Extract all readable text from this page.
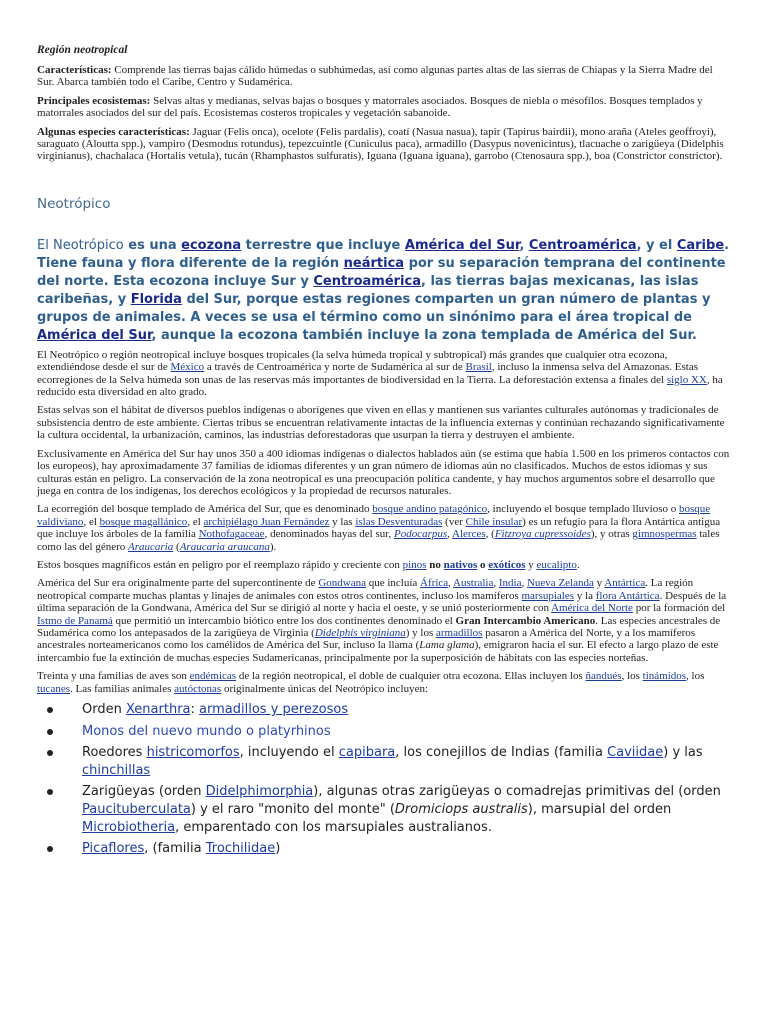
Región neotropical

Características: Comprende las tierras bajas cálido húmedas o subhúmedas, así como algunas partes altas de las sierras de Chiapas y la Sierra Madre del Sur. Abarca también todo el Caribe, Centro y Sudamérica.

Principales ecosistemas: Selvas altas y medianas, selvas bajas o bosques y matorrales asociados. Bosques de niebla o mésofilos. Bosques templados y matorrales asociados del sur del país. Ecosistemas costeros tropicales y vegetación sabanoide.

Algunas especies características: Jaguar (Felis onca), ocelote (Felis pardalis), coatí (Nasua nasua), tapir (Tapirus bairdii), mono araña (Ateles geoffroyi), saraguato (Aloutta spp.), vampiro (Desmodus rotundus), tepezcuintle (Cuniculus paca), armadillo (Dasypus novenicintus), tlacuache o zarigüeya (Didelphis virginianus), chachalaca (Hortalis vetula), tucán (Rhamphastos sulfuratis), Iguana (Iguana iguana), garrobo (Ctenosaura spp.), boa (Constrictor constrictor).

Neotrópico

El Neotrópico es una ecozona terrestre que incluye América del Sur, Centroamérica, y el Caribe. Tiene fauna y flora diferente de la región neártica por su separación temprana del continente del norte. Esta ecozona incluye Sur y Centroamérica, las tierras bajas mexicanas, las islas caribeñas, y Florida del Sur, porque estas regiones comparten un gran número de plantas y grupos de animales. A veces se usa el término como un sinónimo para el área tropical de América del Sur, aunque la ecozona también incluye la zona templada de América del Sur.

El Neotrópico o región neotropical incluye bosques tropicales (la selva húmeda tropical y subtropical) más grandes que cualquier otra ecozona, extendiéndose desde el sur de México a través de Centroamérica y norte de Sudamérica al sur de Brasil, incluso la inmensa selva del Amazonas. Estas ecorregiones de la Selva húmeda son unas de las reservas más importantes de biodiversidad en la Tierra. La deforestación extensa a finales del siglo XX, ha reducido esta diversidad en alto grado.

Estas selvas son el hábitat de diversos pueblos indígenas o aborígenes que viven en ellas y mantienen sus variantes culturales autónomas y tradicionales de subsistencia dentro de este ambiente. Ciertas tribus se encuentran relativamente intactas de la influencia externas y continúan rechazando significativamente la cultura occidental, la urbanización, caminos, las industrias deforestadoras que usurpan la tierra y destruyen el ambiente.

Exclusivamente en América del Sur hay unos 350 a 400 idiomas indígenas o dialectos hablados aún (se estima que había 1.500 en los primeros contactos con los europeos), hay aproximadamente 37 familias de idiomas diferentes y un gran número de idiomas aún no clasificados. Muchos de estos idiomas y sus culturas están en peligro. La conservación de la zona neotropical es una preocupación política candente, y hay muchos argumentos sobre el desarrollo que juega en contra de los indígenas, los derechos ecológicos y la propiedad de recursos naturales.

La ecorregión del bosque templado de América del Sur, que es denominado bosque andino patagónico, incluyendo el bosque templado lluvioso o bosque valdiviano, el bosque magallánico, el archipiélago Juan Fernández y las islas Desventuradas (ver Chile insular) es un refugio para la flora Antártica antigua que incluye los árboles de la familia Nothofagaceae, denominados hayas del sur, Podocarpus, Alerces, (Fitzroya cupressoides), y otras gimnospermas tales como las del género Araucaria (Araucaria araucana).

Estos bosques magníficos están en peligro por el reemplazo rápido y creciente con pinos no nativos o exóticos y eucalipto.

América del Sur era originalmente parte del supercontinente de Gondwana que incluía África, Australia, India, Nueva Zelanda y Antártica. La región neotropical comparte muchas plantas y linajes de animales con estos otros continentes, incluso los mamíferos marsupiales y la flora Antártica. Después de la última separación de la Gondwana, América del Sur se dirigió al norte y hacia el oeste, y se unió posteriormente con América del Norte por la formación del Istmo de Panamá que permitió un intercambio biótico entre los dos continentes denominado el Gran Intercambio Americano. Las especies ancestrales de Sudamérica como los antepasados de la zarigüeya de Virginia (Didelphis virginiana) y los armadillos pasaron a América del Norte, y a los mamíferos ancestrales norteamericanos como los camélidos de América del Sur, incluso la llama (Lama glama), emigraron hacia el sur. El efecto a largo plazo de este intercambio fue la extinción de muchas especies Sudamericanas, principalmente por la superposición de hábitats con las especies norteñas.

Treinta y una familias de aves son endémicas de la región neotropical, el doble de cualquier otra ecozona. Ellas incluyen los ñandués, los tinámidos, los tucanes. Las familias animales autóctonas originalmente únicas del Neotrópico incluyen:

Orden Xenarthra: armadillos y perezosos
Monos del nuevo mundo o platyrhinos
Roedores histricomorfos, incluyendo el capibara, los conejillos de Indias (familia Caviidae) y las chinchillas
Zarigüeyas (orden Didelphimorphia), algunas otras zarigüeyas o comadrejas primitivas del (orden Paucituberculata) y el raro "monito del monte" (Dromiciops australis), marsupial del orden Microbiotheria, emparentado con los marsupiales australianos.
Picaflores, (familia Trochilidae)
